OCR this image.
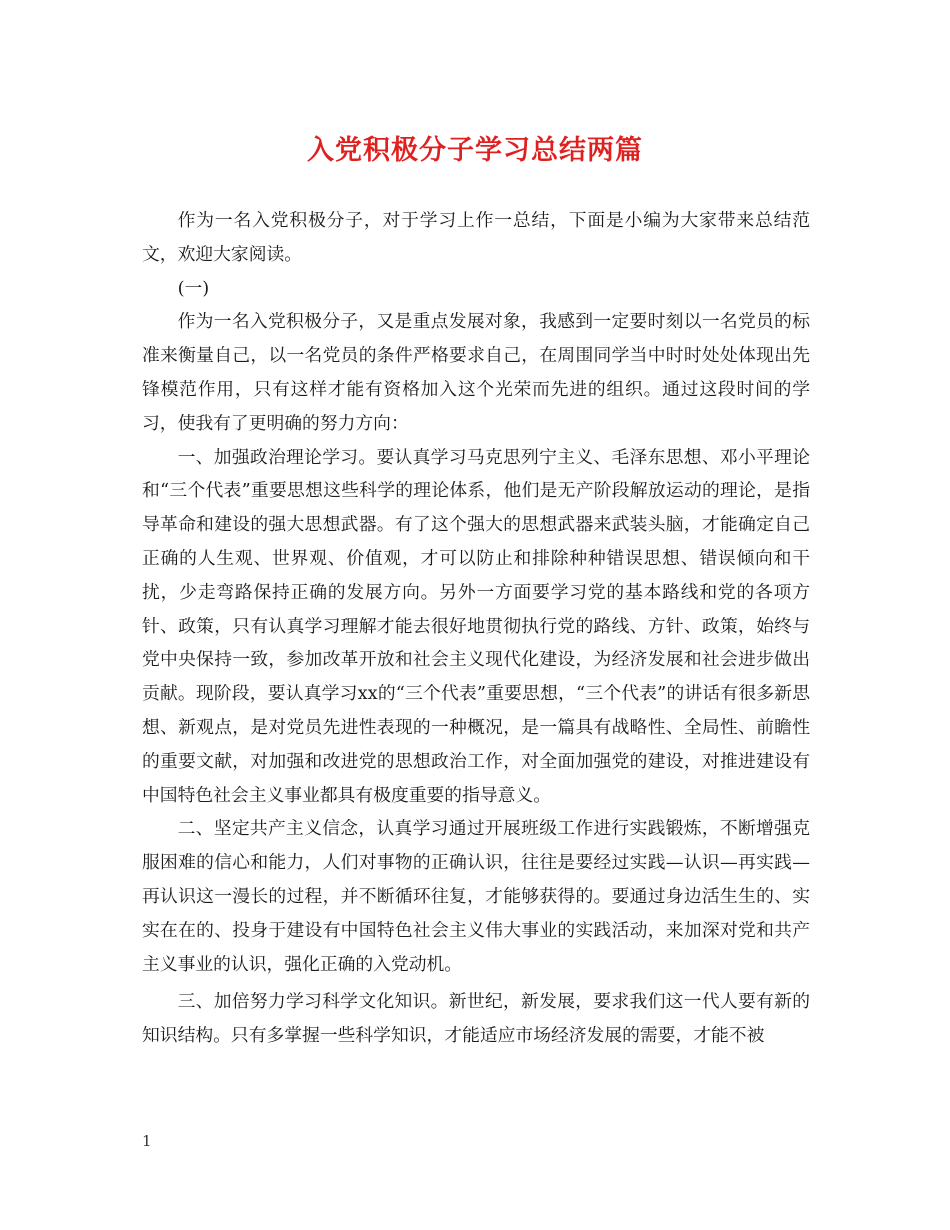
入党积极分子学习总结两篇

作为一名入党积极分子，对于学习上作一总结，下面是小编为大家带来总结范文，欢迎大家阅读。

(一)

作为一名入党积极分子，又是重点发展对象，我感到一定要时刻以一名党员的标准来衡量自己，以一名党员的条件严格要求自己，在周围同学当中时时处处体现出先锋模范作用，只有这样才能有资格加入这个光荣而先进的组织。通过这段时间的学习，使我有了更明确的努力方向：

一、加强政治理论学习。要认真学习马克思列宁主义、毛泽东思想、邓小平理论和“三个代表”重要思想这些科学的理论体系，他们是无产阶段解放运动的理论，是指导革命和建设的强大思想武器。有了这个强大的思想武器来武装头脑，才能确定自己正确的人生观、世界观、价值观，才可以防止和排除种种错误思想、错误倾向和干扰，少走弯路保持正确的发展方向。另外一方面要学习党的基本路线和党的各项方针、政策，只有认真学习理解才能去很好地贯彻执行党的路线、方针、政策，始终与党中央保持一致，参加改革开放和社会主义现代化建设，为经济发展和社会进步做出贡献。现阶段，要认真学习xx的“三个代表”重要思想，“三个代表”的讲话有很多新思想、新观点，是对党员先进性表现的一种概况，是一篇具有战略性、全局性、前瞻性的重要文献，对加强和改进党的思想政治工作，对全面加强党的建设，对推进建设有中国特色社会主义事业都具有极度重要的指导意义。

二、坚定共产主义信念，认真学习通过开展班级工作进行实践锻炼，不断增强克服困难的信心和能力，人们对事物的正确认识，往往是要经过实践—认识—再实践—再认识这一漫长的过程，并不断循环往复，才能够获得的。要通过身边活生生的、实实在在的、投身于建设有中国特色社会主义伟大事业的实践活动，来加深对党和共产主义事业的认识，强化正确的入党动机。

三、加倍努力学习科学文化知识。新世纪，新发展，要求我们这一代人要有新的知识结构。只有多掌握一些科学知识，才能适应市场经济发展的需要，才能不被

1
